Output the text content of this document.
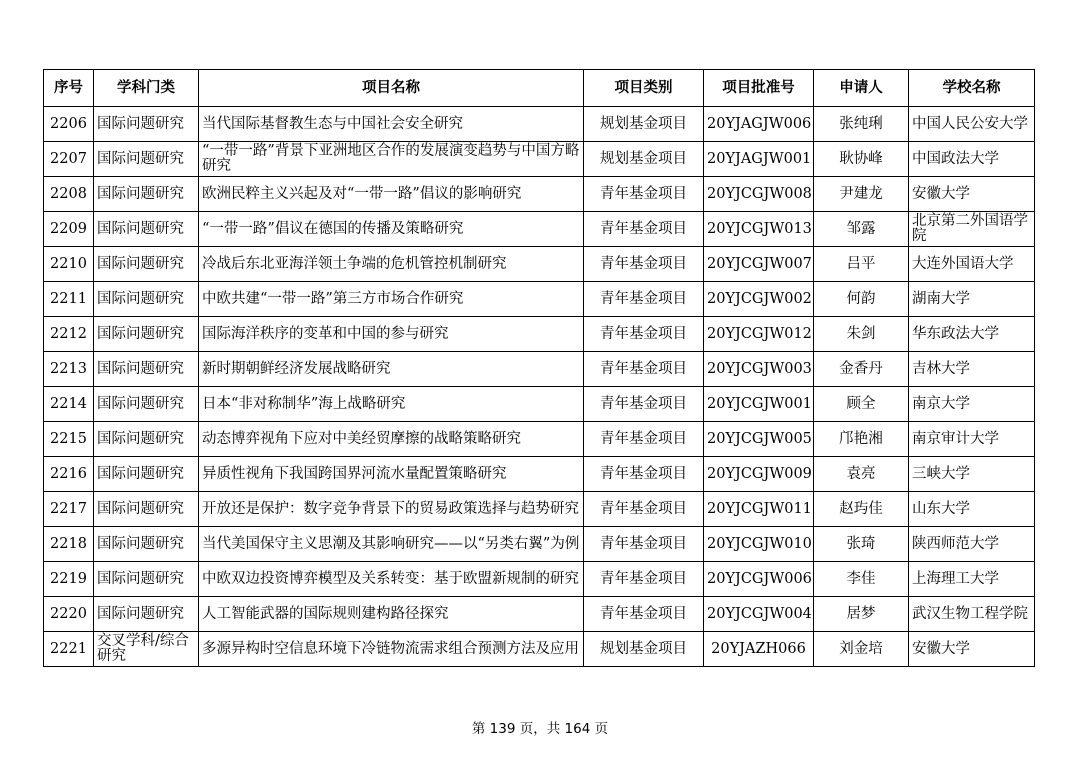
序号	学科门类	项目名称	项目类别	项目批准号	申请人	学校名称
2206	国际问题研究	当代国际基督教生态与中国社会安全研究	规划基金项目	20YJAGJW006	张纯琍	中国人民公安大学
2207	国际问题研究	“一带一路”背景下亚洲地区合作的发展演变趋势与中国方略研究	规划基金项目	20YJAGJW001	耿协峰	中国政法大学
2208	国际问题研究	欧洲民粹主义兴起及对“一带一路”倡议的影响研究	青年基金项目	20YJCGJW008	尹建龙	安徽大学
2209	国际问题研究	“一带一路”倡议在德国的传播及策略研究	青年基金项目	20YJCGJW013	邹露	北京第二外国语学院
2210	国际问题研究	冷战后东北亚海洋领土争端的危机管控机制研究	青年基金项目	20YJCGJW007	吕平	大连外国语大学
2211	国际问题研究	中欧共建“一带一路”第三方市场合作研究	青年基金项目	20YJCGJW002	何韵	湖南大学
2212	国际问题研究	国际海洋秩序的变革和中国的参与研究	青年基金项目	20YJCGJW012	朱剑	华东政法大学
2213	国际问题研究	新时期朝鲜经济发展战略研究	青年基金项目	20YJCGJW003	金香丹	吉林大学
2214	国际问题研究	日本“非对称制华”海上战略研究	青年基金项目	20YJCGJW001	顾全	南京大学
2215	国际问题研究	动态博弈视角下应对中美经贸摩擦的战略策略研究	青年基金项目	20YJCGJW005	邝艳湘	南京审计大学
2216	国际问题研究	异质性视角下我国跨国界河流水量配置策略研究	青年基金项目	20YJCGJW009	袁亮	三峡大学
2217	国际问题研究	开放还是保护：数字竞争背景下的贸易政策选择与趋势研究	青年基金项目	20YJCGJW011	赵玙佳	山东大学
2218	国际问题研究	当代美国保守主义思潮及其影响研究——以“另类右翼”为例	青年基金项目	20YJCGJW010	张琦	陕西师范大学
2219	国际问题研究	中欧双边投资博弈模型及关系转变：基于欧盟新规制的研究	青年基金项目	20YJCGJW006	李佳	上海理工大学
2220	国际问题研究	人工智能武器的国际规则建构路径探究	青年基金项目	20YJCGJW004	居梦	武汉生物工程学院
2221	交叉学科/综合研究	多源异构时空信息环境下冷链物流需求组合预测方法及应用	规划基金项目	20YJAZH066	刘金培	安徽大学
第 139 页，共 164 页
